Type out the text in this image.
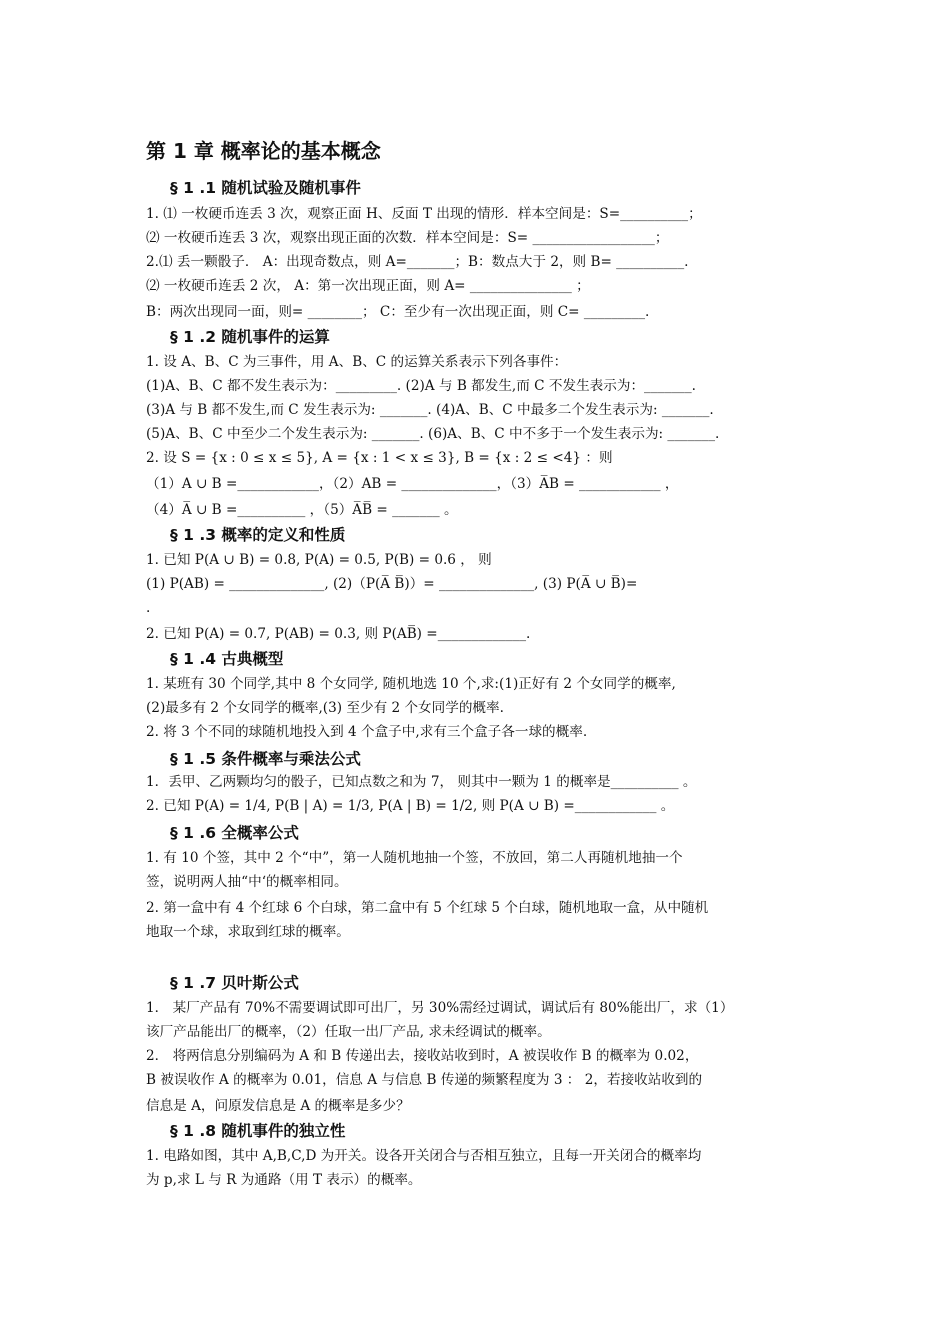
第 1 章 概率论的基本概念
§ 1 .1 随机试验及随机事件
1. ⑴ 一枚硬币连丢 3 次，观察正面 H、反面 T 出现的情形．样本空间是：S=__________；
⑵ 一枚硬币连丢 3 次，观察出现正面的次数．样本空间是：S= __________________；
2.⑴ 丢一颗骰子． A：出现奇数点，则 A=_______；B：数点大于 2，则 B= __________.
⑵ 一枚硬币连丢 2 次， A：第一次出现正面，则 A= _______________ ；
B：两次出现同一面，则= ________； C：至少有一次出现正面，则 C= _________.
§ 1 .2 随机事件的运算
1. 设 A、B、C 为三事件，用 A、B、C 的运算关系表示下列各事件：
(1)A、B、C 都不发生表示为：_________. (2)A 与 B 都发生,而 C 不发生表示为：_______.
(3)A 与 B 都不发生,而 C 发生表示为: _______. (4)A、B、C 中最多二个发生表示为: _______.
(5)A、B、C 中至少二个发生表示为: _______. (6)A、B、C 中不多于一个发生表示为: _______.
2. 设 S = {x : 0 ≤ x ≤ 5}, A = {x : 1 < x ≤ 3}, B = {x : 2 ≤ <4} ：则
（1）A ∪ B =____________，（2）AB = ______________，（3）A̅B = ____________ ，
（4）A̅ ∪ B =__________ ，（5）A̅B̅ = _______ 。
§ 1 .3 概率的定义和性质
1. 已知 P(A ∪ B) = 0.8, P(A) = 0.5, P(B) = 0.6 ， 则
(1) P(AB) = ______________, (2)（P(A̅ B̅)）= ______________, (3) P(A̅ ∪ B̅)=
.
2. 已知 P(A) = 0.7, P(AB) = 0.3, 则 P(AB̅) =_____________.
§ 1 .4 古典概型
1. 某班有 30 个同学,其中 8 个女同学, 随机地选 10 个,求:(1)正好有 2 个女同学的概率,
(2)最多有 2 个女同学的概率,(3) 至少有 2 个女同学的概率.
2. 将 3 个不同的球随机地投入到 4 个盒子中,求有三个盒子各一球的概率.
§ 1 .5 条件概率与乘法公式
1．丢甲、乙两颗均匀的骰子，已知点数之和为 7， 则其中一颗为 1 的概率是__________ 。
2. 已知 P(A) = 1/4, P(B | A) = 1/3, P(A | B) = 1/2, 则 P(A ∪ B) =____________ 。
§ 1 .6 全概率公式
1. 有 10 个签，其中 2 个“中”，第一人随机地抽一个签，不放回，第二人再随机地抽一个
签，说明两人抽“中‘的概率相同。
2. 第一盒中有 4 个红球 6 个白球，第二盒中有 5 个红球 5 个白球，随机地取一盒，从中随机
地取一个球，求取到红球的概率。
§ 1 .7 贝叶斯公式
1． 某厂产品有 70%不需要调试即可出厂，另 30%需经过调试，调试后有 80%能出厂，求（1）
该厂产品能出厂的概率，（2）任取一出厂产品, 求未经调试的概率。
2． 将两信息分别编码为 A 和 B 传递出去，接收站收到时，A 被误收作 B 的概率为 0.02，
B 被误收作 A 的概率为 0.01，信息 A 与信息 B 传递的频繁程度为 3 ： 2，若接收站收到的
信息是 A，问原发信息是 A 的概率是多少？
§ 1 .8 随机事件的独立性
1. 电路如图，其中 A,B,C,D 为开关。设各开关闭合与否相互独立，且每一开关闭合的概率均
为 p,求 L 与 R 为通路（用 T 表示）的概率。
